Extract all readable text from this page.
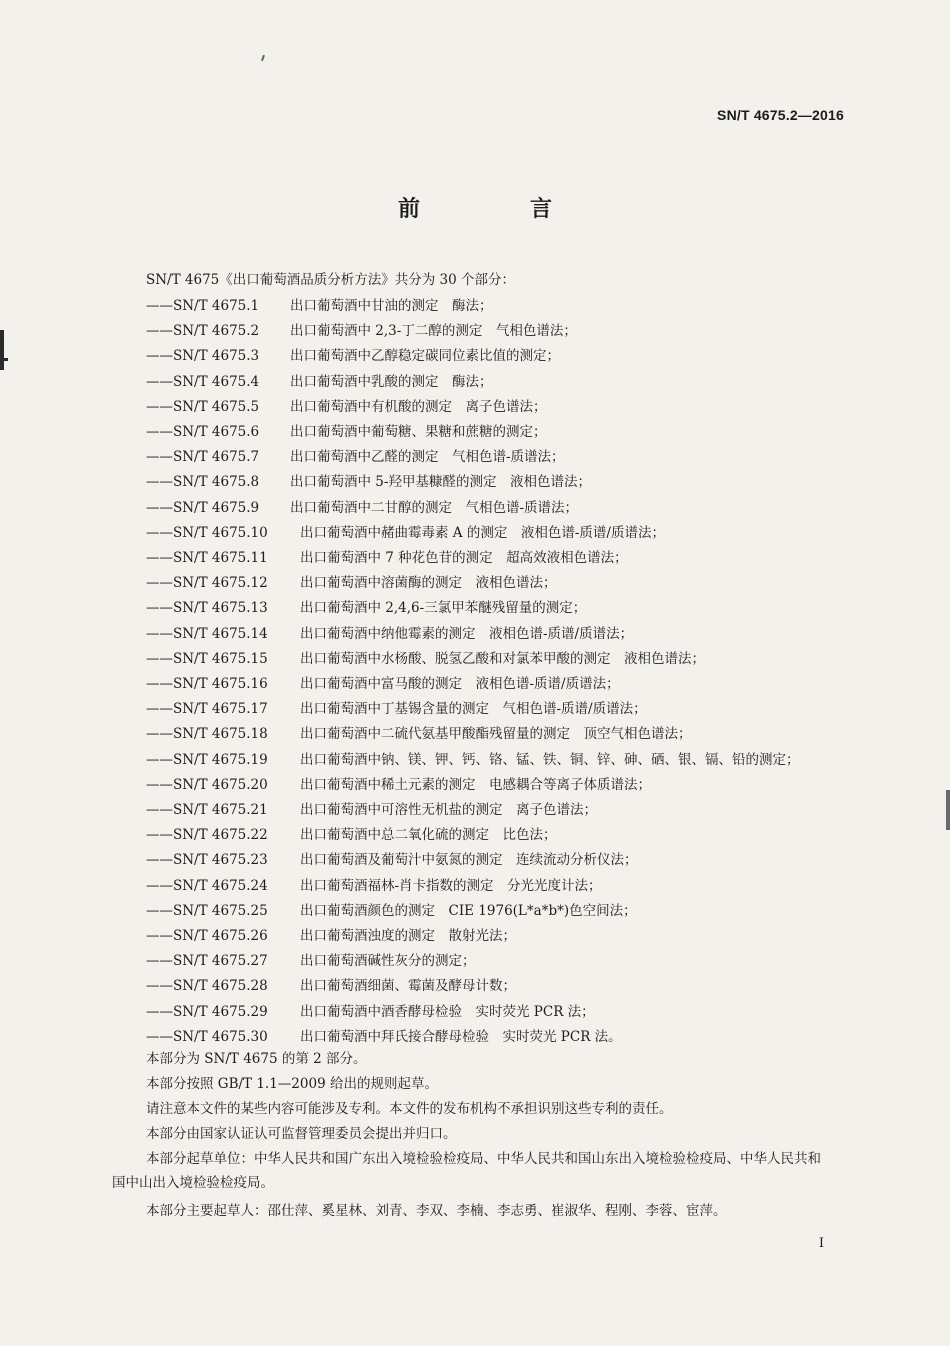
SN/T 4675.2—2016
前　言
SN/T 4675《出口葡萄酒品质分析方法》共分为 30 个部分：
——SN/T 4675.1 出口葡萄酒中甘油的测定　酶法；
——SN/T 4675.2 出口葡萄酒中 2,3-丁二醇的测定　气相色谱法；
——SN/T 4675.3 出口葡萄酒中乙醇稳定碳同位素比值的测定；
——SN/T 4675.4 出口葡萄酒中乳酸的测定　酶法；
——SN/T 4675.5 出口葡萄酒中有机酸的测定　离子色谱法；
——SN/T 4675.6 出口葡萄酒中葡萄糖、果糖和蔗糖的测定；
——SN/T 4675.7 出口葡萄酒中乙醛的测定　气相色谱-质谱法；
——SN/T 4675.8 出口葡萄酒中 5-羟甲基糠醛的测定　液相色谱法；
——SN/T 4675.9 出口葡萄酒中二甘醇的测定　气相色谱-质谱法；
——SN/T 4675.10 出口葡萄酒中赭曲霉毒素 A 的测定　液相色谱-质谱/质谱法；
——SN/T 4675.11 出口葡萄酒中 7 种花色苷的测定　超高效液相色谱法；
——SN/T 4675.12 出口葡萄酒中溶菌酶的测定　液相色谱法；
——SN/T 4675.13 出口葡萄酒中 2,4,6-三氯甲苯醚残留量的测定；
——SN/T 4675.14 出口葡萄酒中纳他霉素的测定　液相色谱-质谱/质谱法；
——SN/T 4675.15 出口葡萄酒中水杨酸、脱氢乙酸和对氯苯甲酸的测定　液相色谱法；
——SN/T 4675.16 出口葡萄酒中富马酸的测定　液相色谱-质谱/质谱法；
——SN/T 4675.17 出口葡萄酒中丁基锡含量的测定　气相色谱-质谱/质谱法；
——SN/T 4675.18 出口葡萄酒中二硫代氨基甲酸酯残留量的测定　顶空气相色谱法；
——SN/T 4675.19 出口葡萄酒中钠、镁、钾、钙、铬、锰、铁、铜、锌、砷、硒、银、镉、铅的测定；
——SN/T 4675.20 出口葡萄酒中稀土元素的测定　电感耦合等离子体质谱法；
——SN/T 4675.21 出口葡萄酒中可溶性无机盐的测定　离子色谱法；
——SN/T 4675.22 出口葡萄酒中总二氧化硫的测定　比色法；
——SN/T 4675.23 出口葡萄酒及葡萄汁中氨氮的测定　连续流动分析仪法；
——SN/T 4675.24 出口葡萄酒福林-肖卡指数的测定　分光光度计法；
——SN/T 4675.25 出口葡萄酒颜色的测定　CIE 1976(L*a*b*)色空间法；
——SN/T 4675.26 出口葡萄酒浊度的测定　散射光法；
——SN/T 4675.27 出口葡萄酒碱性灰分的测定；
——SN/T 4675.28 出口葡萄酒细菌、霉菌及酵母计数；
——SN/T 4675.29 出口葡萄酒中酒香酵母检验　实时荧光 PCR 法；
——SN/T 4675.30 出口葡萄酒中拜氏接合酵母检验　实时荧光 PCR 法。
本部分为 SN/T 4675 的第 2 部分。
本部分按照 GB/T 1.1—2009 给出的规则起草。
请注意本文件的某些内容可能涉及专利。本文件的发布机构不承担识别这些专利的责任。
本部分由国家认证认可监督管理委员会提出并归口。
本部分起草单位：中华人民共和国广东出入境检验检疫局、中华人民共和国山东出入境检验检疫局、中华人民共和国中山出入境检验检疫局。
本部分主要起草人：邵仕萍、奚星林、刘青、李双、李楠、李志勇、崔淑华、程刚、李蓉、宦萍。
I
